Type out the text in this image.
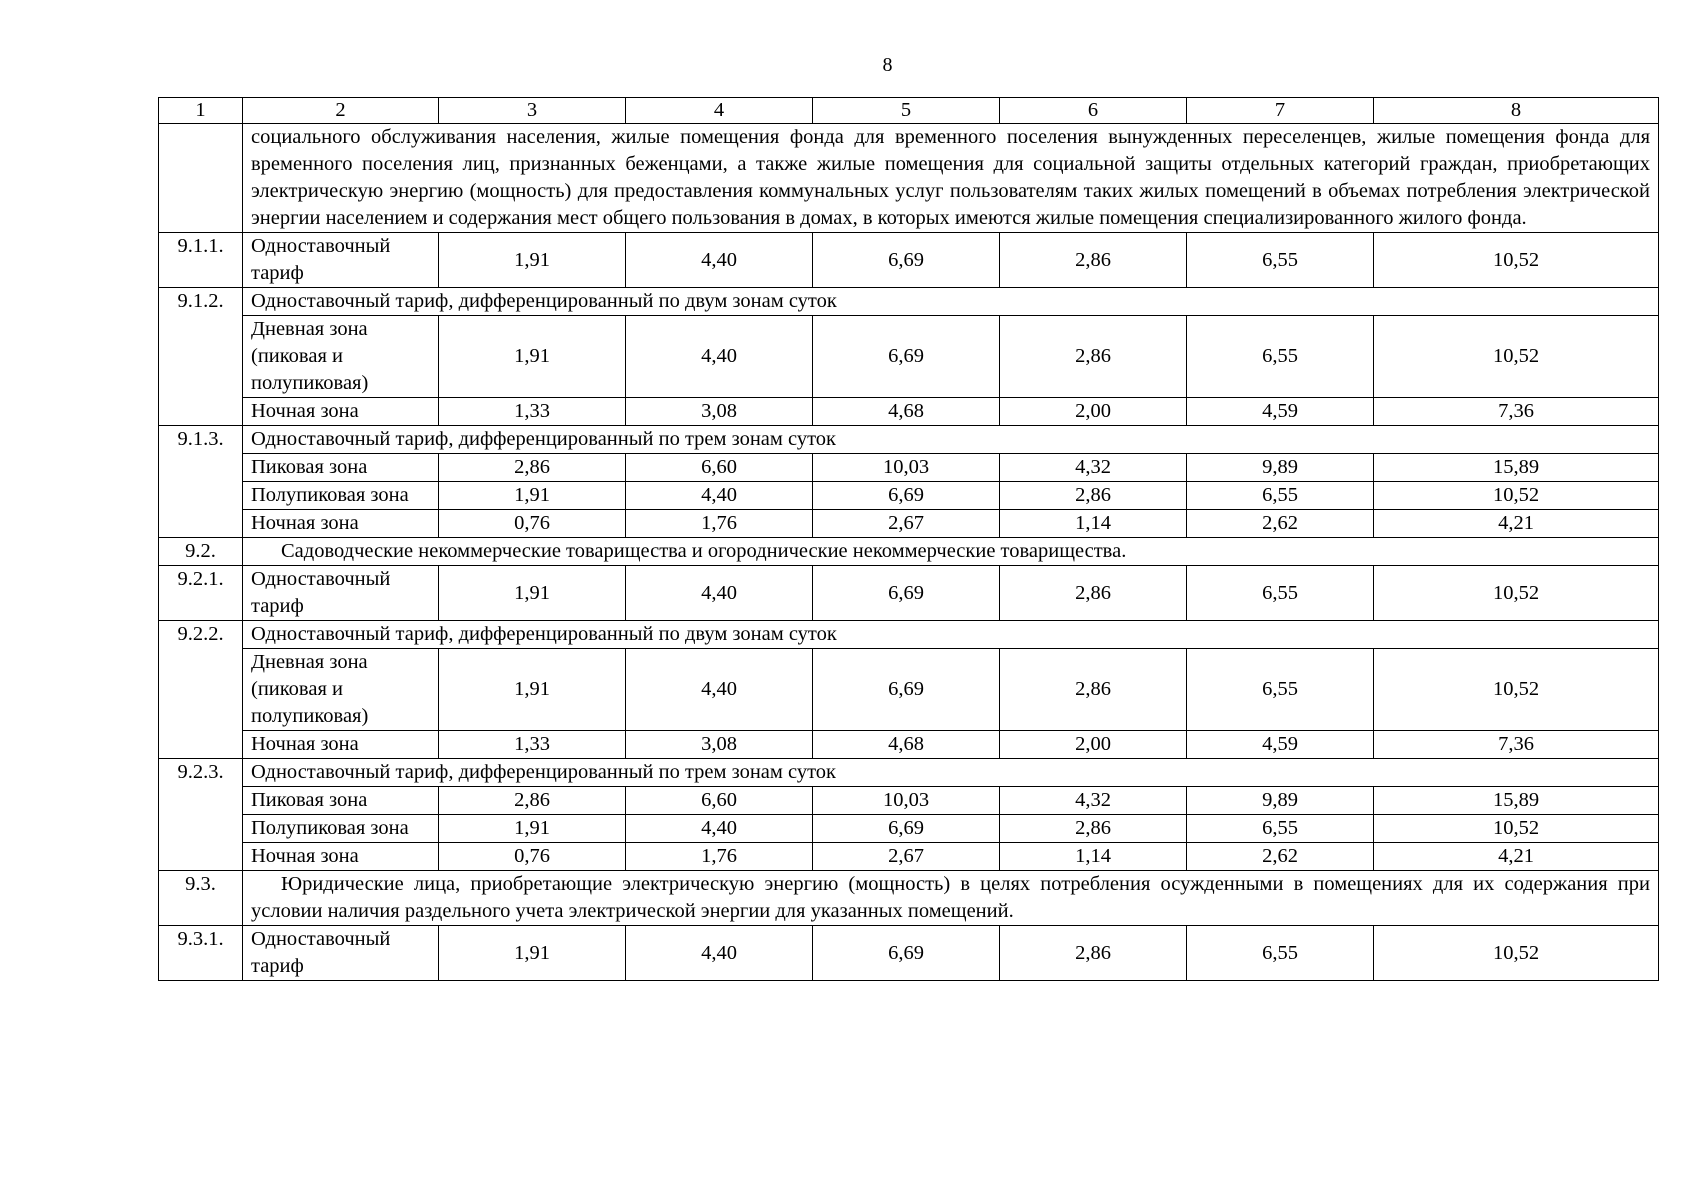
8
1	2	3	4	5	6	7	8
	социального обслуживания населения, жилые помещения фонда для временного поселения вынужденных переселенцев, жилые помещения фонда для временного поселения лиц, признанных беженцами, а также жилые помещения для социальной защиты отдельных категорий граждан, приобретающих электрическую энергию (мощность) для предоставления коммунальных услуг пользователям таких жилых помещений в объемах потребления электрической энергии населением и содержания мест общего пользования в домах, в которых имеются жилые помещения специализированного жилого фонда.						
9.1.1.	Одноставочный тариф	1,91	4,40	6,69	2,86	6,55	10,52
9.1.2.	Одноставочный тариф, дифференцированный по двум зонам суток						
	Дневная зона (пиковая и полупиковая)	1,91	4,40	6,69	2,86	6,55	10,52
	Ночная зона	1,33	3,08	4,68	2,00	4,59	7,36
9.1.3.	Одноставочный тариф, дифференцированный по трем зонам суток						
	Пиковая зона	2,86	6,60	10,03	4,32	9,89	15,89
	Полупиковая зона	1,91	4,40	6,69	2,86	6,55	10,52
	Ночная зона	0,76	1,76	2,67	1,14	2,62	4,21
9.2.	Садоводческие некоммерческие товарищества и огороднические некоммерческие товарищества.						
9.2.1.	Одноставочный тариф	1,91	4,40	6,69	2,86	6,55	10,52
9.2.2.	Одноставочный тариф, дифференцированный по двум зонам суток						
	Дневная зона (пиковая и полупиковая)	1,91	4,40	6,69	2,86	6,55	10,52
	Ночная зона	1,33	3,08	4,68	2,00	4,59	7,36
9.2.3.	Одноставочный тариф, дифференцированный по трем зонам суток						
	Пиковая зона	2,86	6,60	10,03	4,32	9,89	15,89
	Полупиковая зона	1,91	4,40	6,69	2,86	6,55	10,52
	Ночная зона	0,76	1,76	2,67	1,14	2,62	4,21
9.3.	Юридические лица, приобретающие электрическую энергию (мощность) в целях потребления осужденными в помещениях для их содержания при условии наличия раздельного учета электрической энергии для указанных помещений.						
9.3.1.	Одноставочный тариф	1,91	4,40	6,69	2,86	6,55	10,52
